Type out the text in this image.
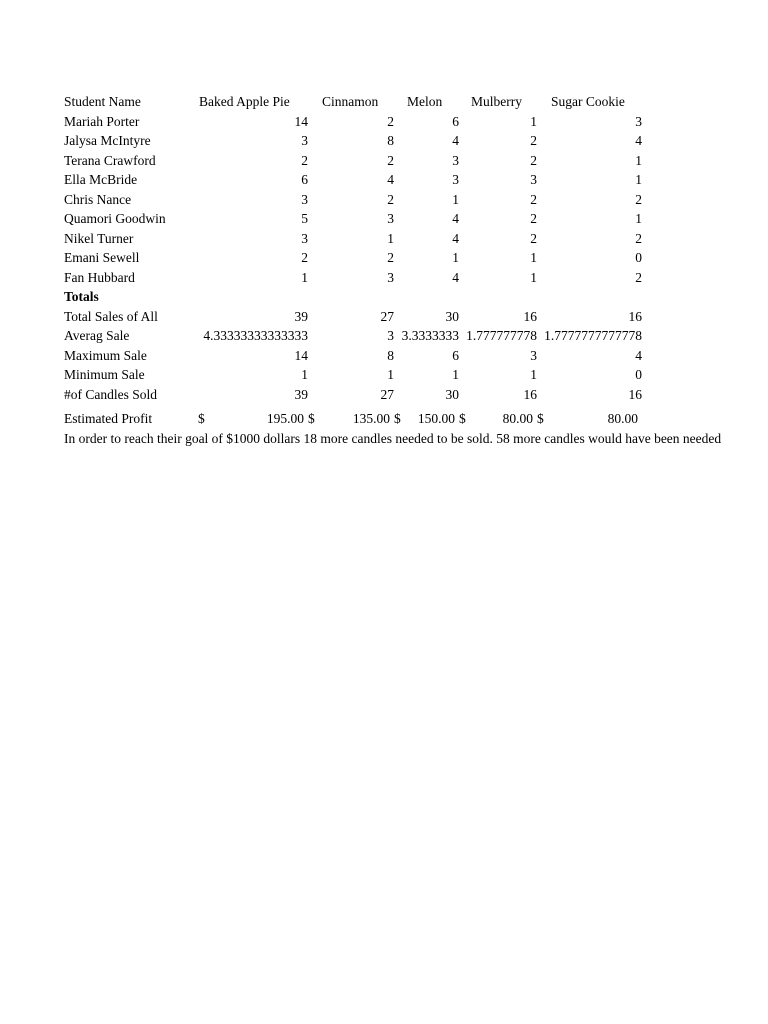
Student Name	Baked Apple Pie	Cinnamon	Melon	Mulberry	Sugar Cookie
Mariah Porter	14	2	6	1	3
Jalysa McIntyre	3	8	4	2	4
Terana Crawford	2	2	3	2	1
Ella McBride	6	4	3	3	1
Chris Nance	3	2	1	2	2
Quamori Goodwin	5	3	4	2	1
Nikel Turner	3	1	4	2	2
Emani Sewell	2	2	1	1	0
Fan Hubbard	1	3	4	1	2
Totals
Total Sales of All	39	27	30	16	16
Averag Sale	4.33333333333333	3 3.3333333 1.777777778 1.7777777777778
Maximum Sale	14	8	6	3	4
Minimum Sale	1	1	1	1	0
#of Candles Sold	39	27	30	16	16
Estimated Profit	$	195.00 $	135.00 $ 150.00 $	80.00 $	80.00
In order to reach their goal of $1000 dollars 18 more candles needed to be sold. 58 more candles would have been needed
